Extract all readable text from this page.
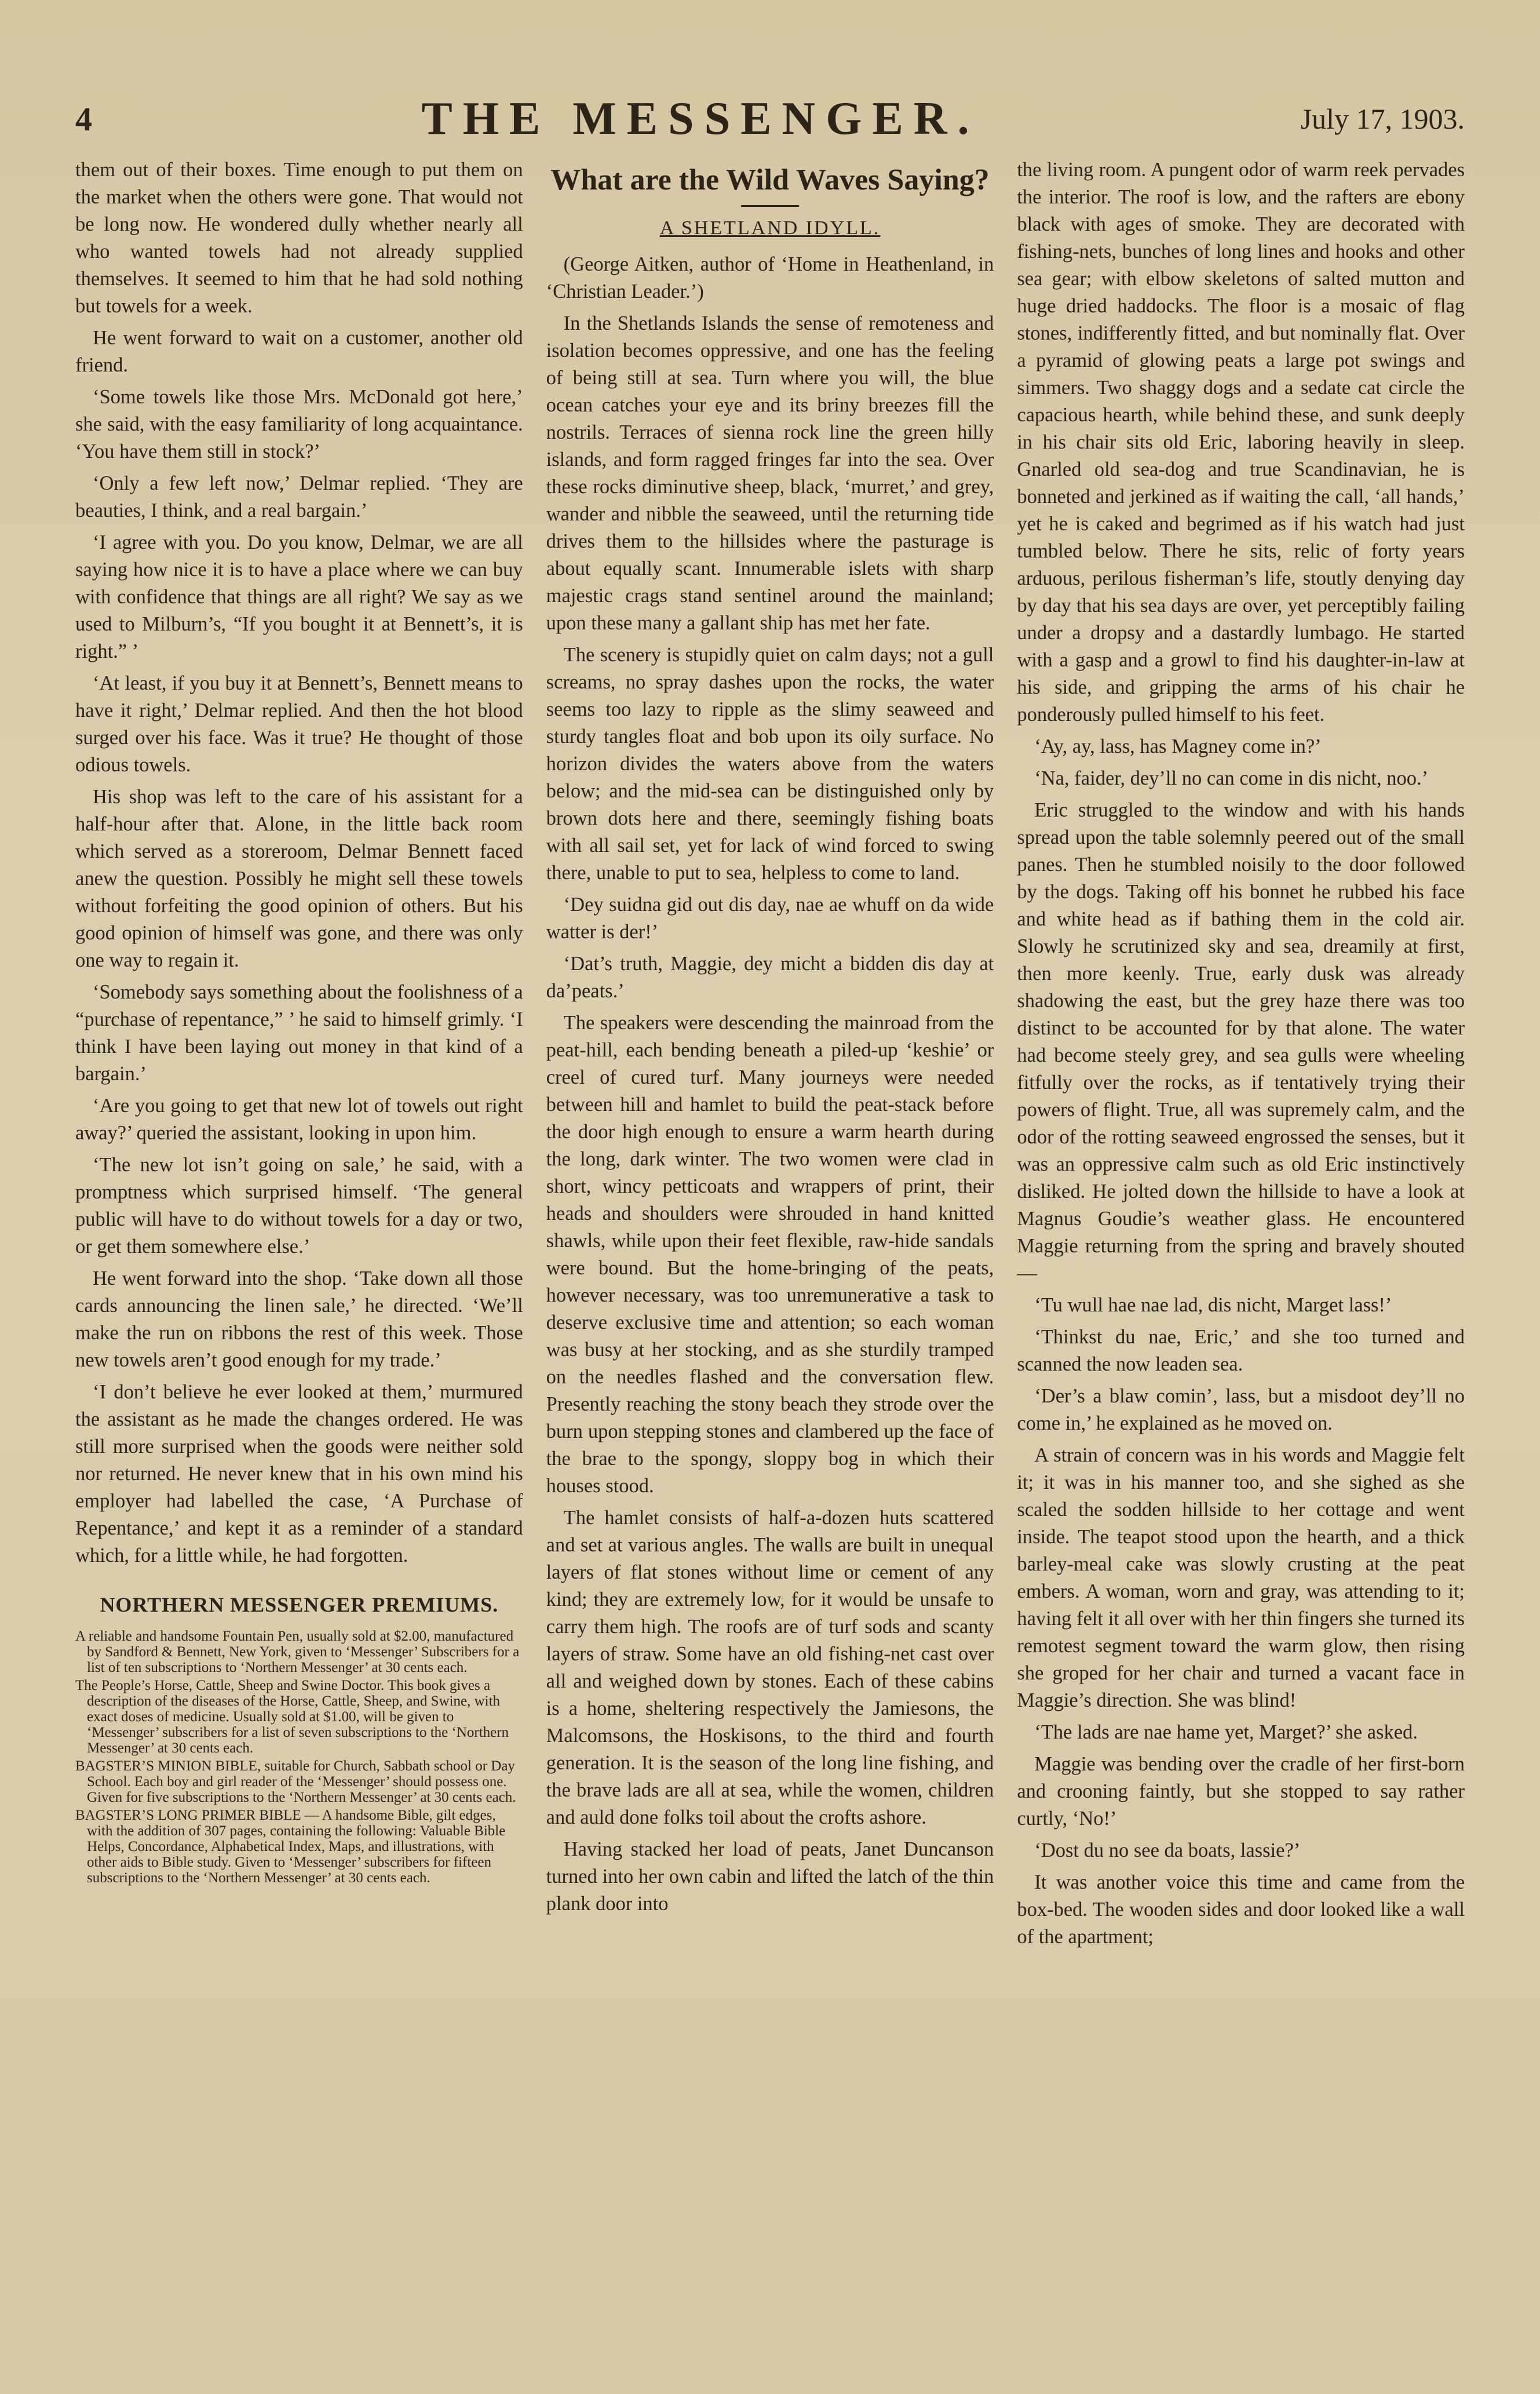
4	THE MESSENGER.	July 17, 1903.

them out of their boxes. Time enough to put them on the market when the others were gone. That would not be long now. He wondered dully whether nearly all who wanted towels had not already supplied themselves. It seemed to him that he had sold nothing but towels for a week.

He went forward to wait on a customer, another old friend.

‘Some towels like those Mrs. McDonald got here,’ she said, with the easy familiarity of long acquaintance. ‘You have them still in stock?’

‘Only a few left now,’ Delmar replied. ‘They are beauties, I think, and a real bargain.’

‘I agree with you. Do you know, Delmar, we are all saying how nice it is to have a place where we can buy with confidence that things are all right? We say as we used to Milburn’s, “If you bought it at Bennett’s, it is right.” ’

‘At least, if you buy it at Bennett’s, Bennett means to have it right,’ Delmar replied. And then the hot blood surged over his face. Was it true? He thought of those odious towels.

His shop was left to the care of his assistant for a half-hour after that. Alone, in the little back room which served as a storeroom, Delmar Bennett faced anew the question. Possibly he might sell these towels without forfeiting the good opinion of others. But his good opinion of himself was gone, and there was only one way to regain it.

‘Somebody says something about the foolishness of a “purchase of repentance,” ’ he said to himself grimly. ‘I think I have been laying out money in that kind of a bargain.’

‘Are you going to get that new lot of towels out right away?’ queried the assistant, looking in upon him.

‘The new lot isn’t going on sale,’ he said, with a promptness which surprised himself. ‘The general public will have to do without towels for a day or two, or get them somewhere else.’

He went forward into the shop. ‘Take down all those cards announcing the linen sale,’ he directed. ‘We’ll make the run on ribbons the rest of this week. Those new towels aren’t good enough for my trade.’

‘I don’t believe he ever looked at them,’ murmured the assistant as he made the changes ordered. He was still more surprised when the goods were neither sold nor returned. He never knew that in his own mind his employer had labelled the case, ‘A Purchase of Repentance,’ and kept it as a reminder of a standard which, for a little while, he had forgotten.

NORTHERN MESSENGER PREMIUMS.

A reliable and handsome Fountain Pen, usually sold at $2.00, manufactured by Sandford & Bennett, New York, given to ‘Messenger’ Subscribers for a list of ten subscriptions to ‘Northern Messenger’ at 30 cents each.

The People’s Horse, Cattle, Sheep and Swine Doctor. This book gives a description of the diseases of the Horse, Cattle, Sheep, and Swine, with exact doses of medicine. Usually sold at $1.00, will be given to ‘Messenger’ subscribers for a list of seven subscriptions to the ‘Northern Messenger’ at 30 cents each.

BAGSTER’S MINION BIBLE, suitable for Church, Sabbath school or Day School. Each boy and girl reader of the ‘Messenger’ should possess one. Given for five subscriptions to the ‘Northern Messenger’ at 30 cents each.

BAGSTER’S LONG PRIMER BIBLE — A handsome Bible, gilt edges, with the addition of 307 pages, containing the following: Valuable Bible Helps, Concordance, Alphabetical Index, Maps, and illustrations, with other aids to Bible study. Given to ‘Messenger’ subscribers for fifteen subscriptions to the ‘Northern Messenger’ at 30 cents each.

What are the Wild Waves Saying?
A SHETLAND IDYLL.

(George Aitken, author of ‘Home in Heathenland, in ‘Christian Leader.’)

In the Shetlands Islands the sense of remoteness and isolation becomes oppressive, and one has the feeling of being still at sea. Turn where you will, the blue ocean catches your eye and its briny breezes fill the nostrils. Terraces of sienna rock line the green hilly islands, and form ragged fringes far into the sea. Over these rocks diminutive sheep, black, ‘murret,’ and grey, wander and nibble the seaweed, until the returning tide drives them to the hillsides where the pasturage is about equally scant. Innumerable islets with sharp majestic crags stand sentinel around the mainland; upon these many a gallant ship has met her fate.

The scenery is stupidly quiet on calm days; not a gull screams, no spray dashes upon the rocks, the water seems too lazy to ripple as the slimy seaweed and sturdy tangles float and bob upon its oily surface. No horizon divides the waters above from the waters below; and the mid-sea can be distinguished only by brown dots here and there, seemingly fishing boats with all sail set, yet for lack of wind forced to swing there, unable to put to sea, helpless to come to land.

‘Dey suidna gid out dis day, nae ae whuff on da wide watter is der!’

‘Dat’s truth, Maggie, dey micht a bidden dis day at da’peats.’

The speakers were descending the mainroad from the peat-hill, each bending beneath a piled-up ‘keshie’ or creel of cured turf. Many journeys were needed between hill and hamlet to build the peat-stack before the door high enough to ensure a warm hearth during the long, dark winter. The two women were clad in short, wincy petticoats and wrappers of print, their heads and shoulders were shrouded in hand knitted shawls, while upon their feet flexible, raw-hide sandals were bound. But the home-bringing of the peats, however necessary, was too unremunerative a task to deserve exclusive time and attention; so each woman was busy at her stocking, and as she sturdily tramped on the needles flashed and the conversation flew. Presently reaching the stony beach they strode over the burn upon stepping stones and clambered up the face of the brae to the spongy, sloppy bog in which their houses stood.

The hamlet consists of half-a-dozen huts scattered and set at various angles. The walls are built in unequal layers of flat stones without lime or cement of any kind; they are extremely low, for it would be unsafe to carry them high. The roofs are of turf sods and scanty layers of straw. Some have an old fishing-net cast over all and weighed down by stones. Each of these cabins is a home, sheltering respectively the Jamiesons, the Malcomsons, the Hoskisons, to the third and fourth generation. It is the season of the long line fishing, and the brave lads are all at sea, while the women, children and auld done folks toil about the crofts ashore.

Having stacked her load of peats, Janet Duncanson turned into her own cabin and lifted the latch of the thin plank door into

the living room. A pungent odor of warm reek pervades the interior. The roof is low, and the rafters are ebony black with ages of smoke. They are decorated with fishing-nets, bunches of long lines and hooks and other sea gear; with elbow skeletons of salted mutton and huge dried haddocks. The floor is a mosaic of flag stones, indifferently fitted, and but nominally flat. Over a pyramid of glowing peats a large pot swings and simmers. Two shaggy dogs and a sedate cat circle the capacious hearth, while behind these, and sunk deeply in his chair sits old Eric, laboring heavily in sleep. Gnarled old sea-dog and true Scandinavian, he is bonneted and jerkined as if waiting the call, ‘all hands,’ yet he is caked and begrimed as if his watch had just tumbled below. There he sits, relic of forty years arduous, perilous fisherman’s life, stoutly denying day by day that his sea days are over, yet perceptibly failing under a dropsy and a dastardly lumbago. He started with a gasp and a growl to find his daughter-in-law at his side, and gripping the arms of his chair he ponderously pulled himself to his feet.

‘Ay, ay, lass, has Magney come in?’

‘Na, faider, dey’ll no can come in dis nicht, noo.’

Eric struggled to the window and with his hands spread upon the table solemnly peered out of the small panes. Then he stumbled noisily to the door followed by the dogs. Taking off his bonnet he rubbed his face and white head as if bathing them in the cold air. Slowly he scrutinized sky and sea, dreamily at first, then more keenly. True, early dusk was already shadowing the east, but the grey haze there was too distinct to be accounted for by that alone. The water had become steely grey, and sea gulls were wheeling fitfully over the rocks, as if tentatively trying their powers of flight. True, all was supremely calm, and the odor of the rotting seaweed engrossed the senses, but it was an oppressive calm such as old Eric instinctively disliked. He jolted down the hillside to have a look at Magnus Goudie’s weather glass. He encountered Maggie returning from the spring and bravely shouted—

‘Tu wull hae nae lad, dis nicht, Marget lass!’

‘Thinkst du nae, Eric,’ and she too turned and scanned the now leaden sea.

‘Der’s a blaw comin’, lass, but a misdoot dey’ll no come in,’ he explained as he moved on.

A strain of concern was in his words and Maggie felt it; it was in his manner too, and she sighed as she scaled the sodden hillside to her cottage and went inside. The teapot stood upon the hearth, and a thick barley-meal cake was slowly crusting at the peat embers. A woman, worn and gray, was attending to it; having felt it all over with her thin fingers she turned its remotest segment toward the warm glow, then rising she groped for her chair and turned a vacant face in Maggie’s direction. She was blind!

‘The lads are nae hame yet, Marget?’ she asked.

Maggie was bending over the cradle of her first-born and crooning faintly, but she stopped to say rather curtly, ‘No!’

‘Dost du no see da boats, lassie?’

It was another voice this time and came from the box-bed. The wooden sides and door looked like a wall of the apartment;
